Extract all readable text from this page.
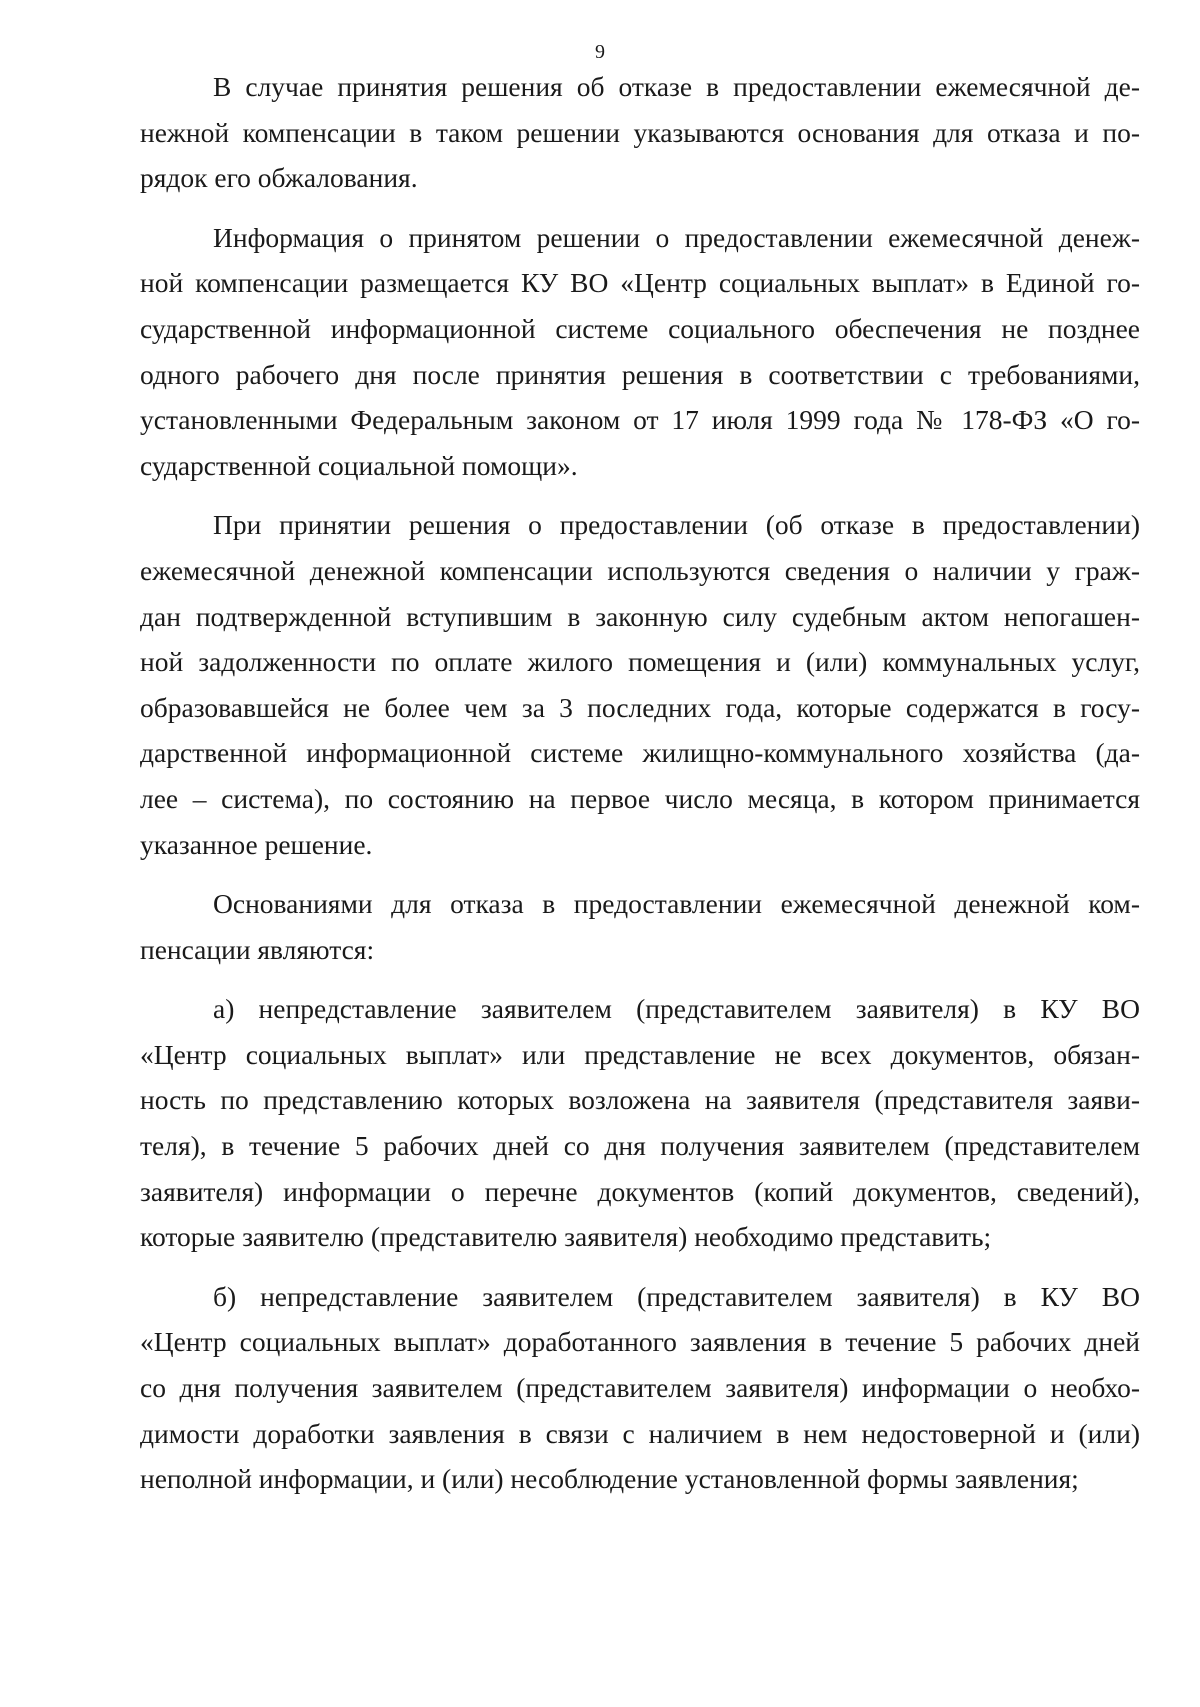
9
В случае принятия решения об отказе в предоставлении ежемесячной де-
нежной компенсации в таком решении указываются основания для отказа и по-
рядок его обжалования.
Информация о принятом решении о предоставлении ежемесячной денеж-
ной компенсации размещается КУ ВО «Центр социальных выплат» в Единой го-
сударственной информационной системе социального обеспечения не позднее
одного рабочего дня после принятия решения в соответствии с требованиями,
установленными Федеральным законом от 17 июля 1999 года № 178-ФЗ «О го-
сударственной социальной помощи».
При принятии решения о предоставлении (об отказе в предоставлении)
ежемесячной денежной компенсации используются сведения о наличии у граж-
дан подтвержденной вступившим в законную силу судебным актом непогашен-
ной задолженности по оплате жилого помещения и (или) коммунальных услуг,
образовавшейся не более чем за 3 последних года, которые содержатся в госу-
дарственной информационной системе жилищно-коммунального хозяйства (да-
лее – система), по состоянию на первое число месяца, в котором принимается
указанное решение.
Основаниями для отказа в предоставлении ежемесячной денежной ком-
пенсации являются:
а) непредставление заявителем (представителем заявителя) в КУ ВО
«Центр социальных выплат» или представление не всех документов, обязан-
ность по представлению которых возложена на заявителя (представителя заяви-
теля), в течение 5 рабочих дней со дня получения заявителем (представителем
заявителя) информации о перечне документов (копий документов, сведений),
которые заявителю (представителю заявителя) необходимо представить;
б) непредставление заявителем (представителем заявителя) в КУ ВО
«Центр социальных выплат» доработанного заявления в течение 5 рабочих дней
со дня получения заявителем (представителем заявителя) информации о необхо-
димости доработки заявления в связи с наличием в нем недостоверной и (или)
неполной информации, и (или) несоблюдение установленной формы заявления;
